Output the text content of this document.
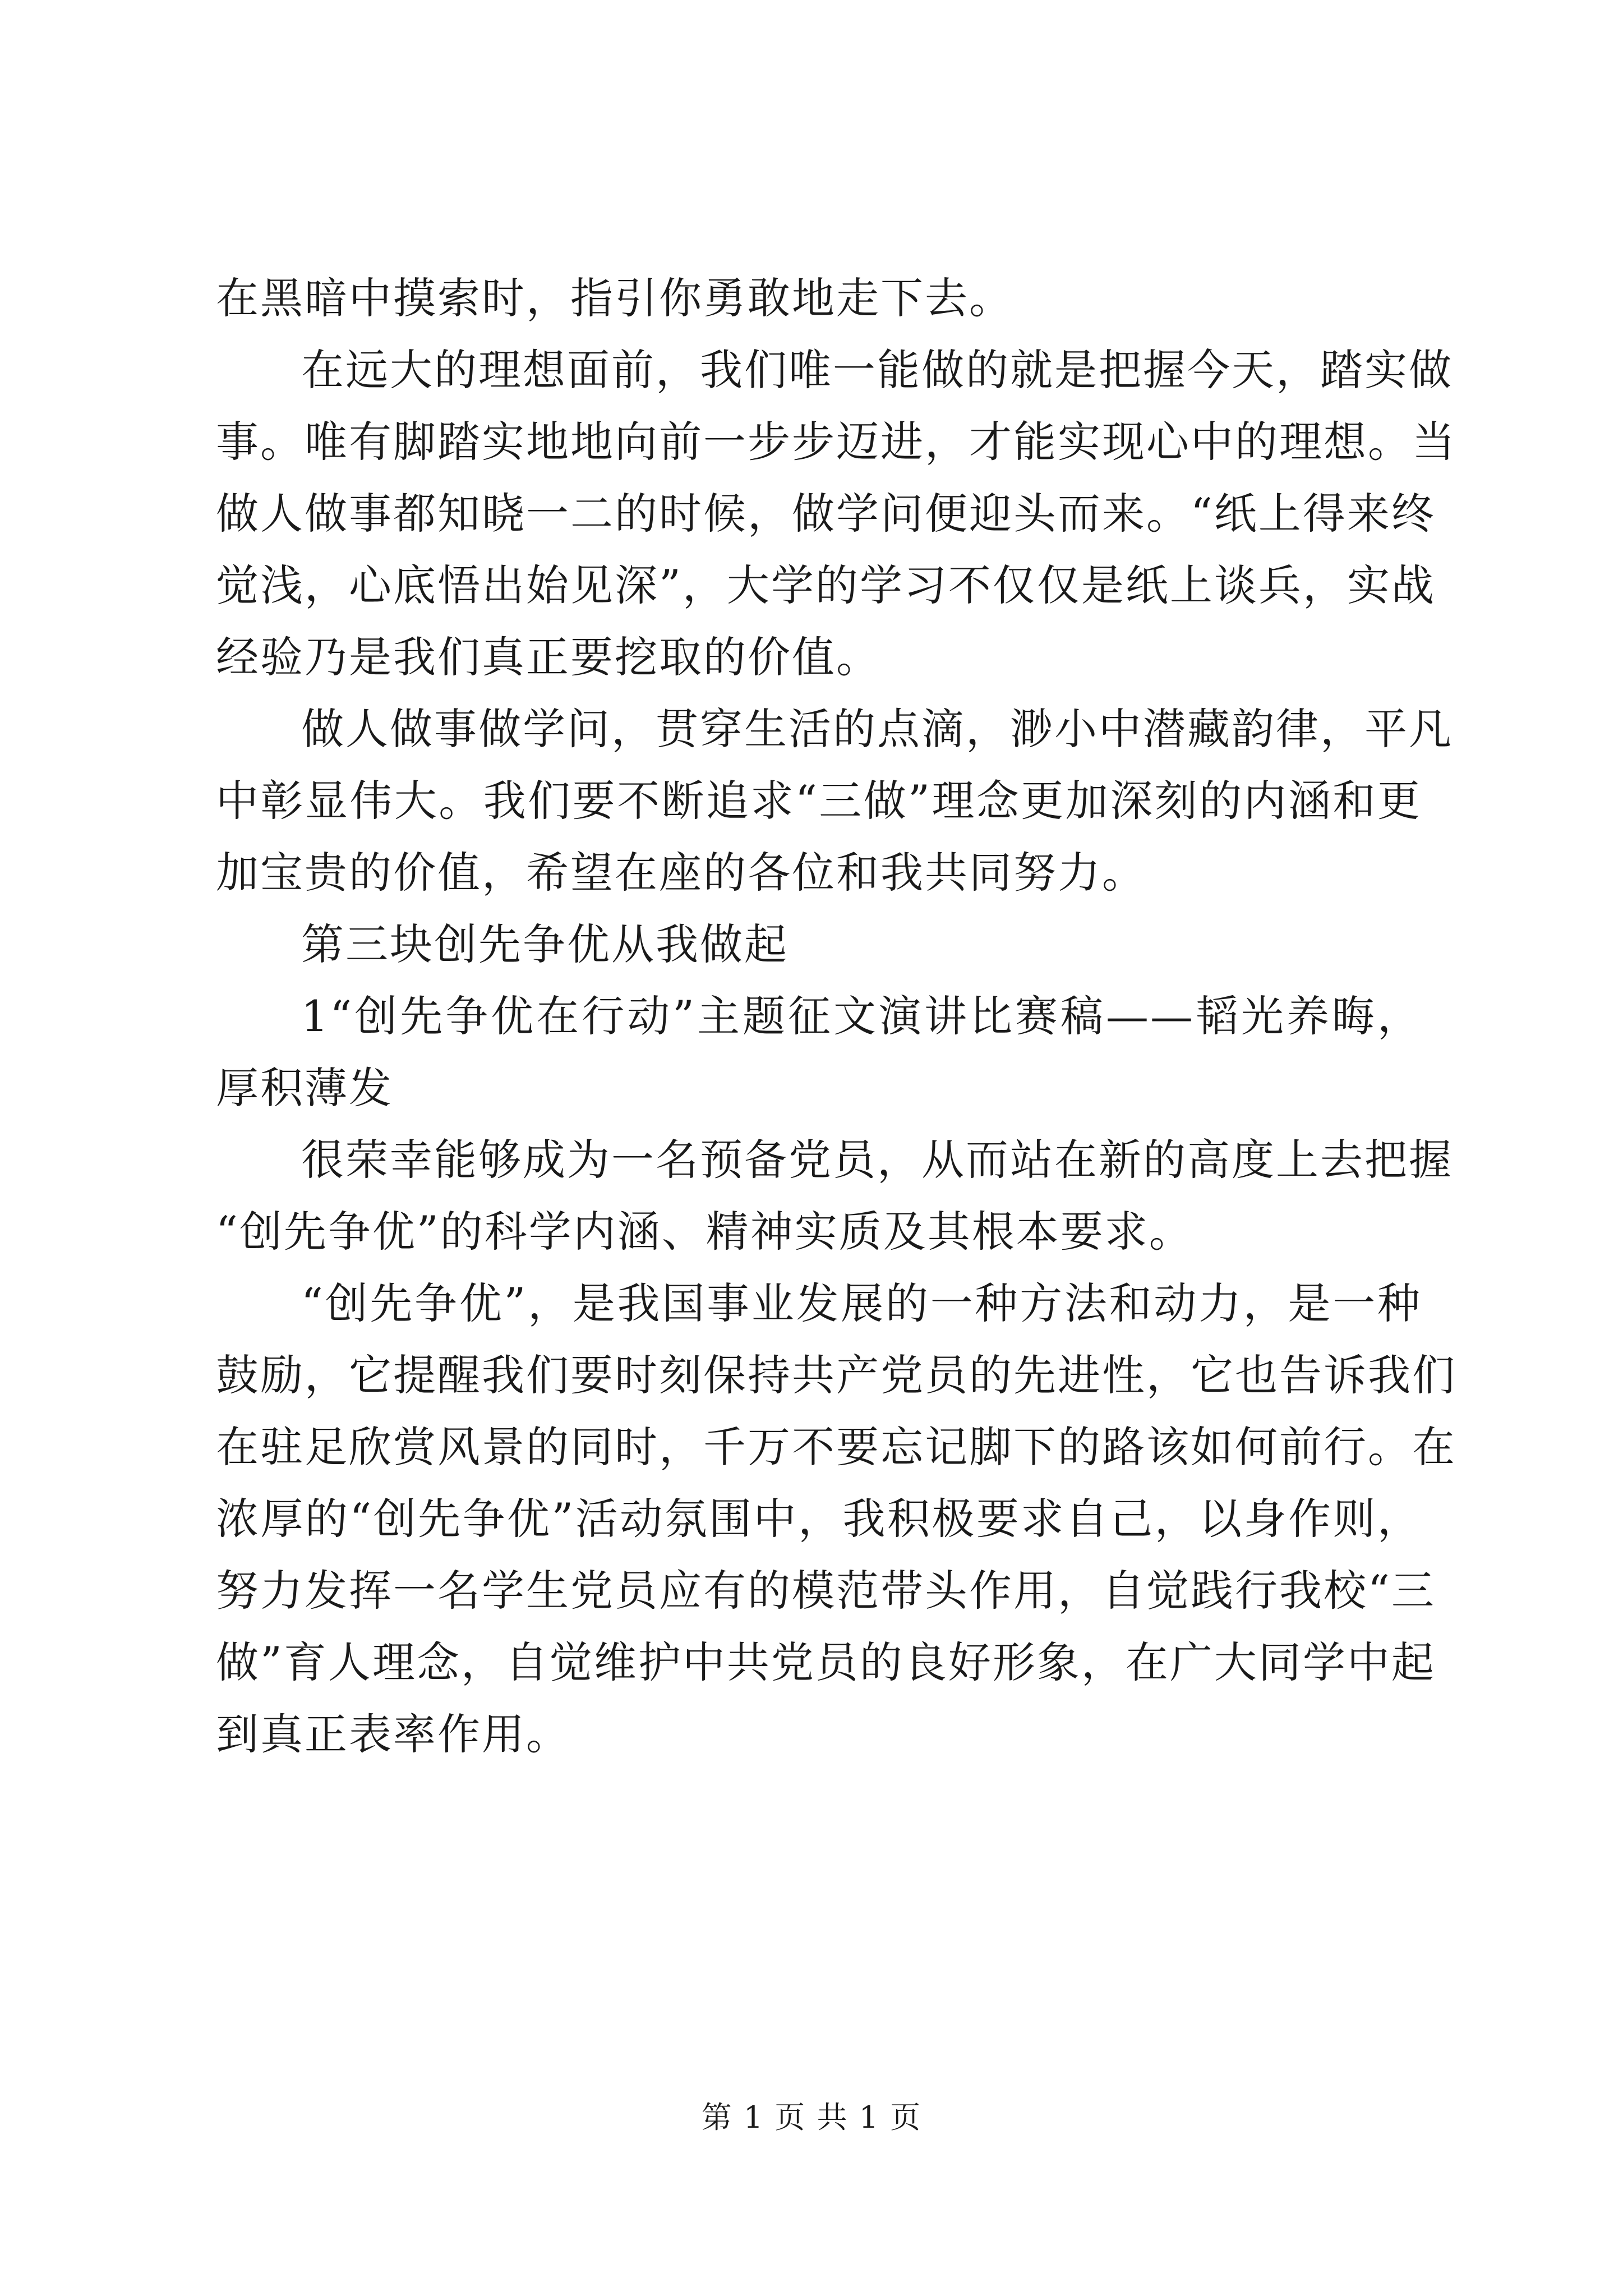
在黑暗中摸索时，指引你勇敢地走下去。
在远大的理想面前，我们唯一能做的就是把握今天，踏实做
事。唯有脚踏实地地向前一步步迈进，才能实现心中的理想。当
做人做事都知晓一二的时候，做学问便迎头而来。“纸上得来终
觉浅，心底悟出始见深”，大学的学习不仅仅是纸上谈兵，实战
经验乃是我们真正要挖取的价值。
做人做事做学问，贯穿生活的点滴，渺小中潜藏韵律，平凡
中彰显伟大。我们要不断追求“三做”理念更加深刻的内涵和更
加宝贵的价值，希望在座的各位和我共同努力。
第三块创先争优从我做起
1“创先争优在行动”主题征文演讲比赛稿——韬光养晦，
厚积薄发
很荣幸能够成为一名预备党员，从而站在新的高度上去把握
“创先争优”的科学内涵、精神实质及其根本要求。
“创先争优”，是我国事业发展的一种方法和动力，是一种
鼓励，它提醒我们要时刻保持共产党员的先进性，它也告诉我们
在驻足欣赏风景的同时，千万不要忘记脚下的路该如何前行。在
浓厚的“创先争优”活动氛围中，我积极要求自己，以身作则，
努力发挥一名学生党员应有的模范带头作用，自觉践行我校“三
做”育人理念，自觉维护中共党员的良好形象，在广大同学中起
到真正表率作用。
第 1 页 共 1 页
